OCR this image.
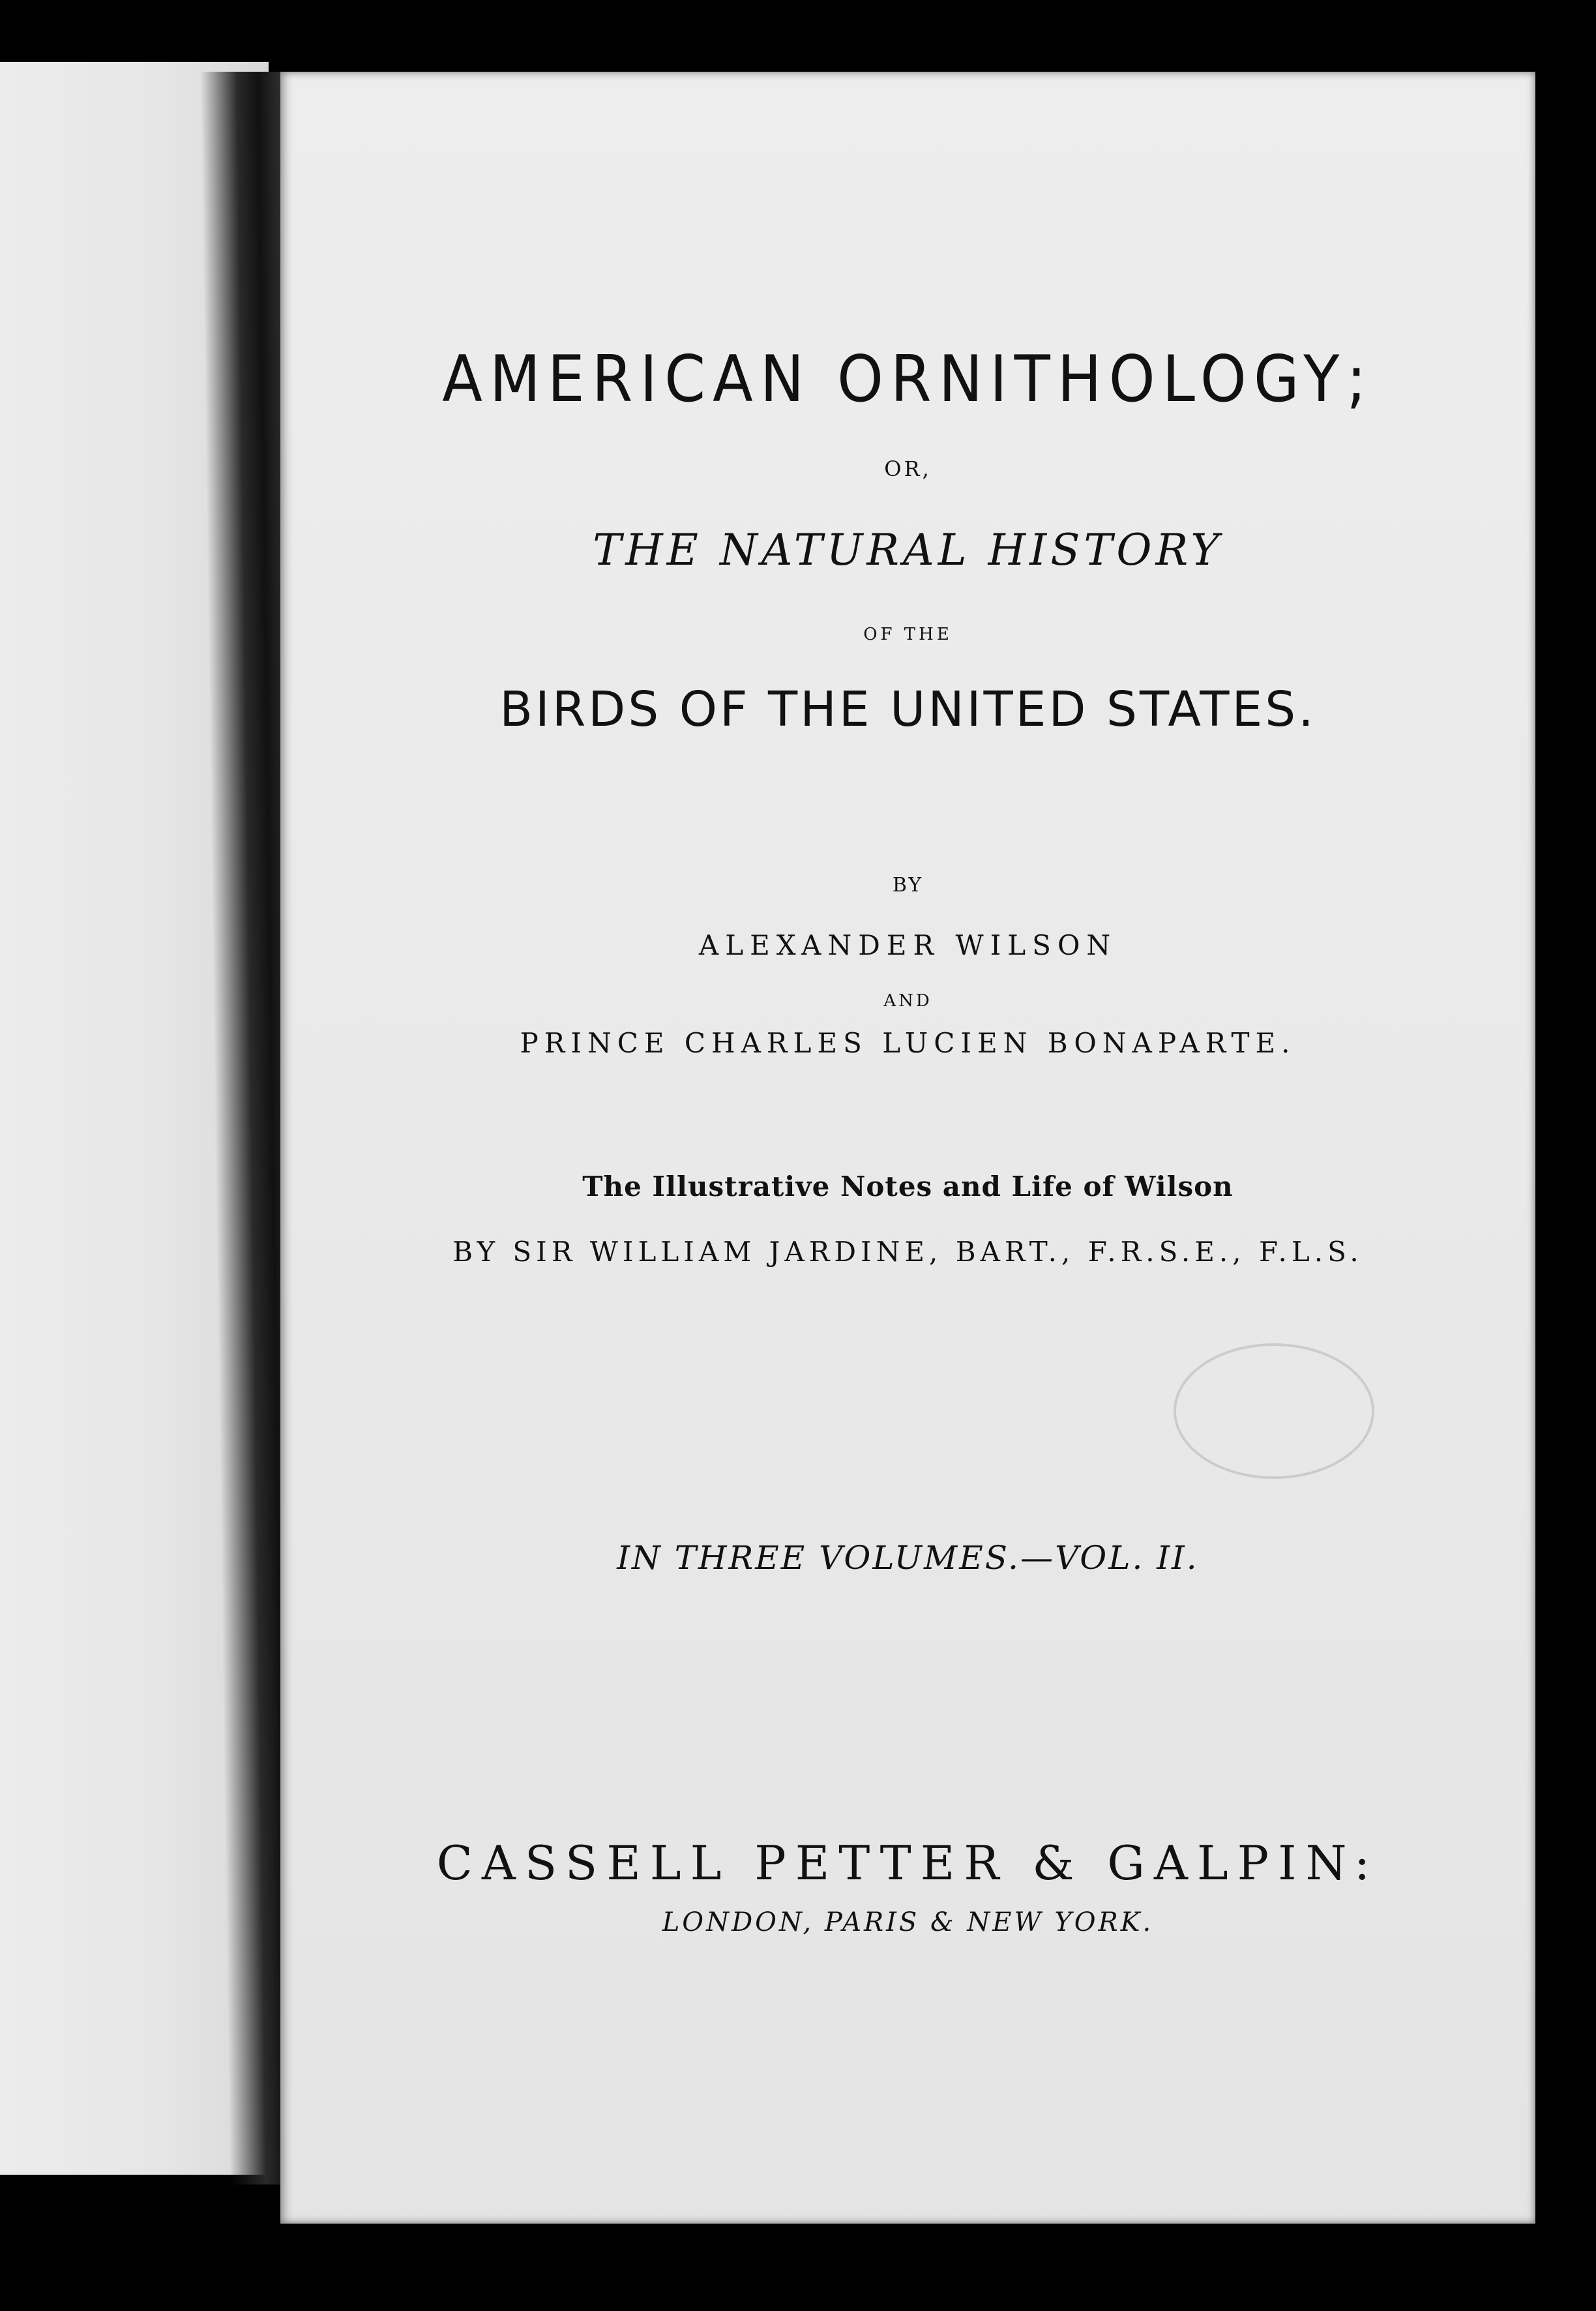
AMERICAN ORNITHOLOGY;
OR,
THE NATURAL HISTORY
OF THE
BIRDS OF THE UNITED STATES.
BY
ALEXANDER WILSON
AND
PRINCE CHARLES LUCIEN BONAPARTE.
The Illustrative Notes and Life of Wilson
BY SIR WILLIAM JARDINE, BART., F.R.S.E., F.L.S.
IN THREE VOLUMES.—VOL. II.
CASSELL PETTER & GALPIN:
LONDON, PARIS & NEW YORK.
